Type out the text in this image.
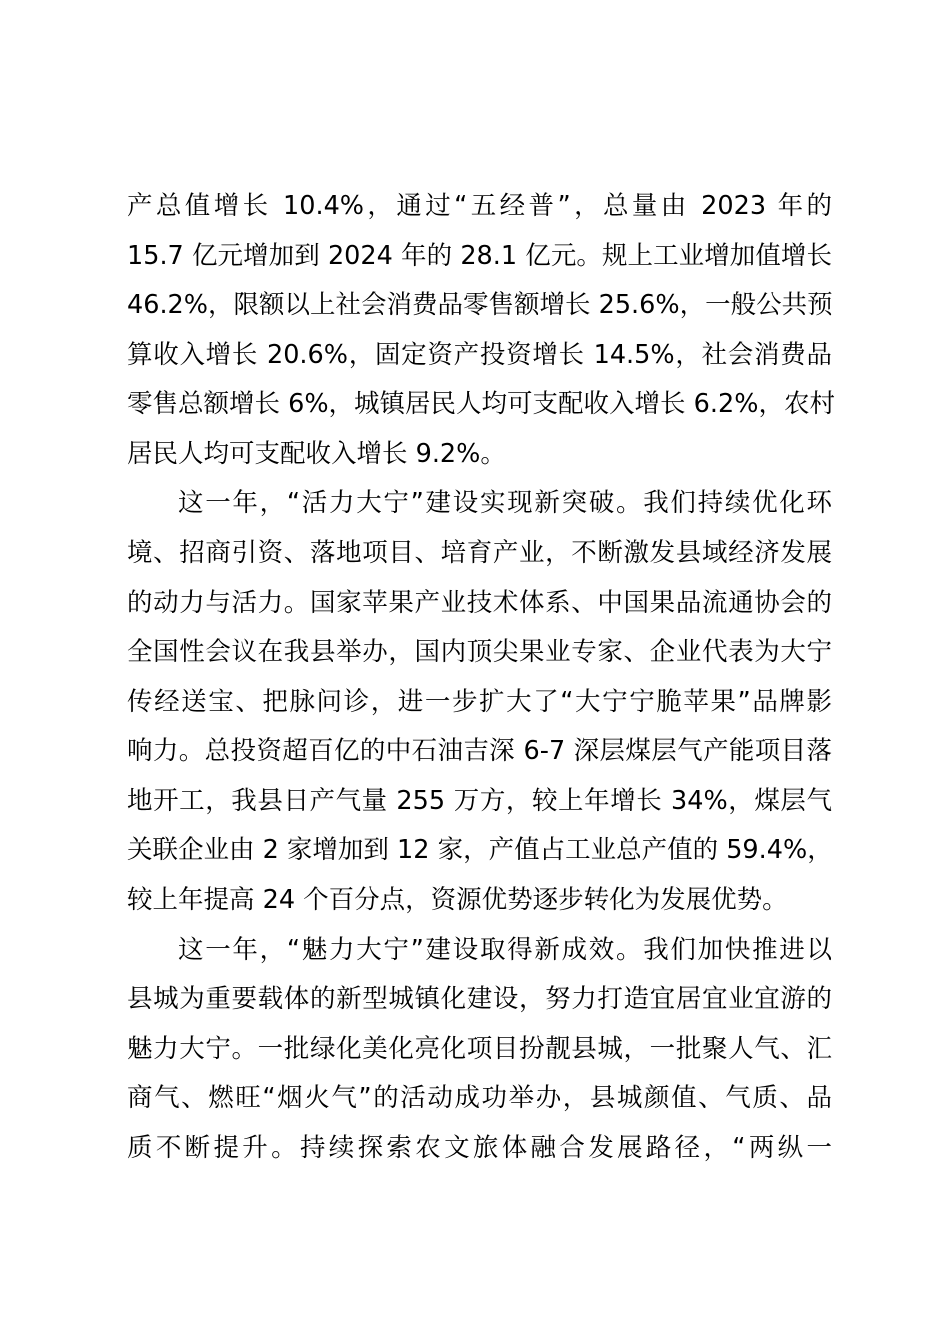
产总值增长 10.4%，通过“五经普”，总量由 2023 年的
15.7 亿元增加到 2024 年的 28.1 亿元。规上工业增加值增长
46.2%，限额以上社会消费品零售额增长 25.6%，一般公共预
算收入增长 20.6%，固定资产投资增长 14.5%，社会消费品
零售总额增长 6%，城镇居民人均可支配收入增长 6.2%，农村
居民人均可支配收入增长 9.2%。
这一年，“活力大宁”建设实现新突破。我们持续优化环
境、招商引资、落地项目、培育产业，不断激发县域经济发展
的动力与活力。国家苹果产业技术体系、中国果品流通协会的
全国性会议在我县举办，国内顶尖果业专家、企业代表为大宁
传经送宝、把脉问诊，进一步扩大了“大宁宁脆苹果”品牌影
响力。总投资超百亿的中石油吉深 6-7 深层煤层气产能项目落
地开工，我县日产气量 255 万方，较上年增长 34%，煤层气
关联企业由 2 家增加到 12 家，产值占工业总产值的 59.4%，
较上年提高 24 个百分点，资源优势逐步转化为发展优势。
这一年，“魅力大宁”建设取得新成效。我们加快推进以
县城为重要载体的新型城镇化建设，努力打造宜居宜业宜游的
魅力大宁。一批绿化美化亮化项目扮靓县城，一批聚人气、汇
商气、燃旺“烟火气”的活动成功举办，县城颜值、气质、品
质不断提升。持续探索农文旅体融合发展路径，“两纵一
